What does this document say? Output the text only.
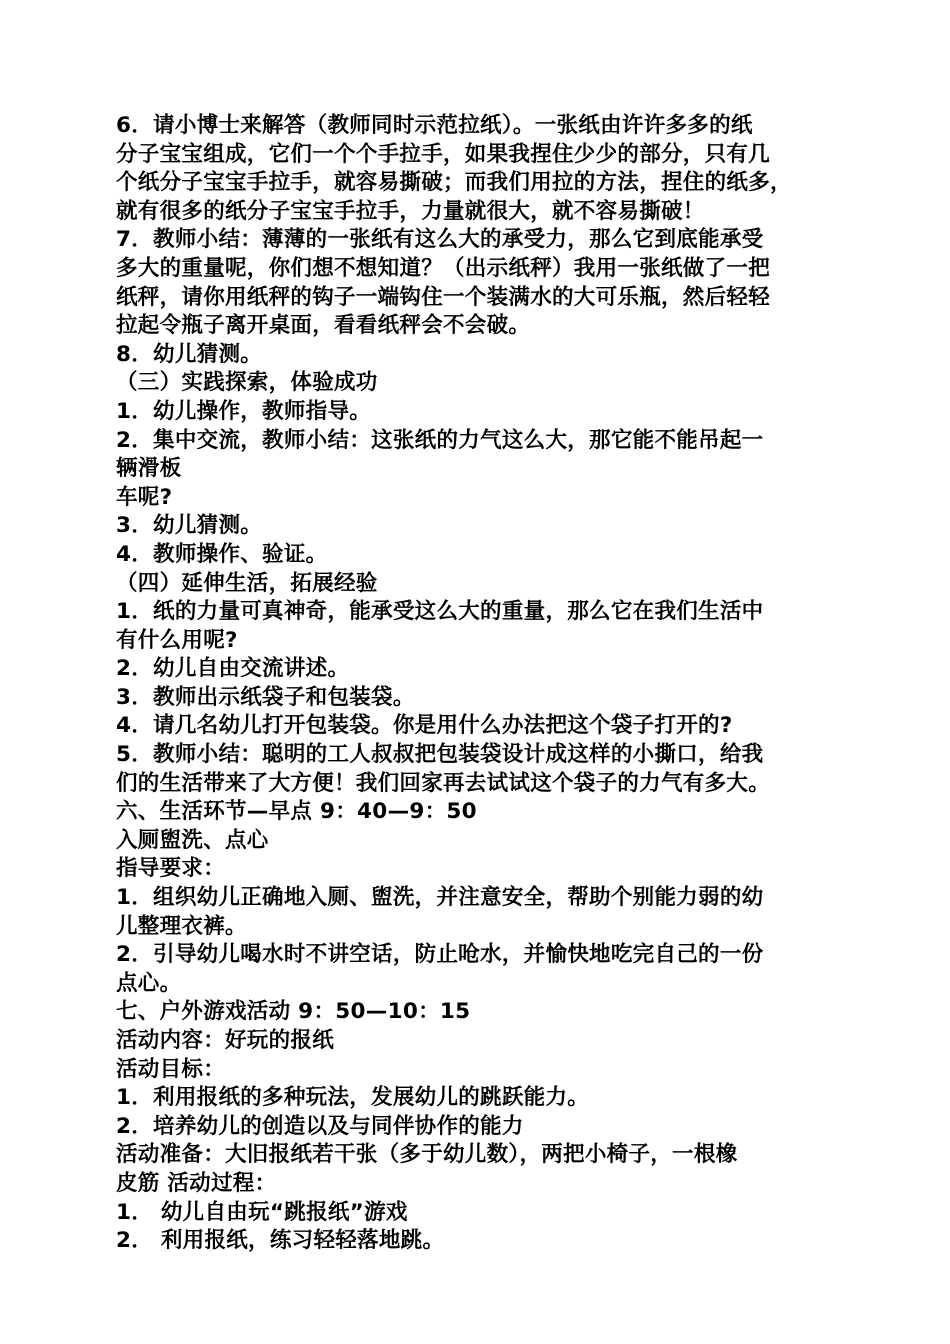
6．请小博士来解答（教师同时示范拉纸）。一张纸由许许多多的纸
分子宝宝组成，它们一个个手拉手，如果我捏住少少的部分，只有几
个纸分子宝宝手拉手，就容易撕破；而我们用拉的方法，捏住的纸多，
就有很多的纸分子宝宝手拉手，力量就很大，就不容易撕破！
7．教师小结：薄薄的一张纸有这么大的承受力，那么它到底能承受
多大的重量呢，你们想不想知道？（出示纸秤）我用一张纸做了一把
纸秤，请你用纸秤的钩子一端钩住一个装满水的大可乐瓶，然后轻轻
拉起令瓶子离开桌面，看看纸秤会不会破。
8．幼儿猜测。
（三）实践探索，体验成功
1．幼儿操作，教师指导。
2．集中交流，教师小结：这张纸的力气这么大，那它能不能吊起一
辆滑板
车呢?
3．幼儿猜测。
4．教师操作、验证。
（四）延伸生活，拓展经验
1．纸的力量可真神奇，能承受这么大的重量，那么它在我们生活中
有什么用呢?
2．幼儿自由交流讲述。
3．教师出示纸袋子和包装袋。
4．请几名幼儿打开包装袋。你是用什么办法把这个袋子打开的?
5．教师小结：聪明的工人叔叔把包装袋设计成这样的小撕口，给我
们的生活带来了大方便！我们回家再去试试这个袋子的力气有多大。
六、生活环节—早点 9：40—9：50
入厕盥洗、点心
指导要求：
1．组织幼儿正确地入厕、盥洗，并注意安全，帮助个别能力弱的幼
儿整理衣裤。
2．引导幼儿喝水时不讲空话，防止呛水，并愉快地吃完自己的一份
点心。
七、户外游戏活动 9：50—10：15
活动内容：好玩的报纸
活动目标：
1．利用报纸的多种玩法，发展幼儿的跳跃能力。
2．培养幼儿的创造以及与同伴协作的能力
活动准备：大旧报纸若干张（多于幼儿数），两把小椅子，一根橡
皮筋 活动过程：
1． 幼儿自由玩“跳报纸”游戏
2． 利用报纸，练习轻轻落地跳。
